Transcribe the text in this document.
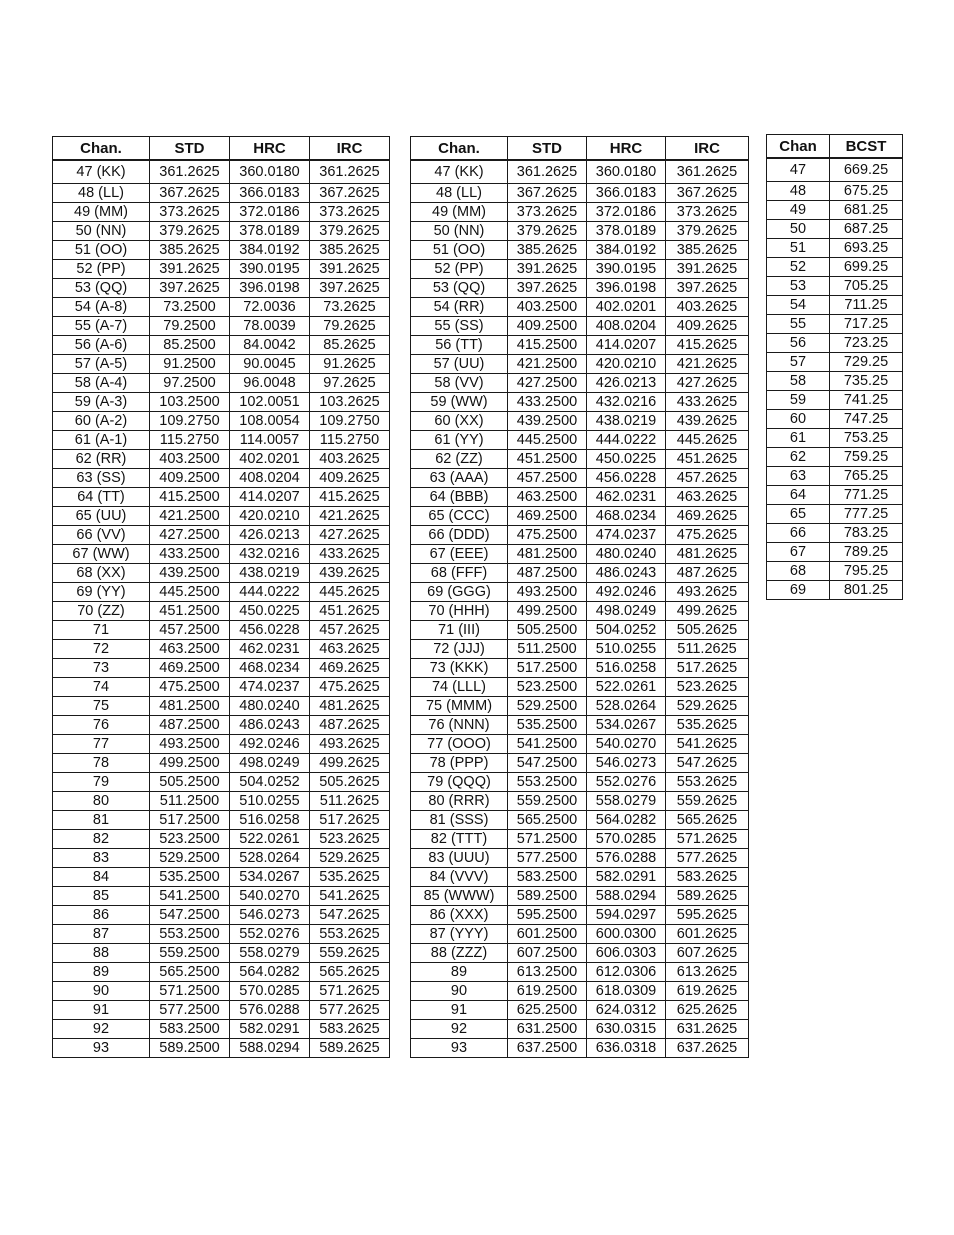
Chan.	STD	HRC	IRC
47 (KK)	361.2625	360.0180	361.2625
48 (LL)	367.2625	366.0183	367.2625
49 (MM)	373.2625	372.0186	373.2625
50 (NN)	379.2625	378.0189	379.2625
51 (OO)	385.2625	384.0192	385.2625
52 (PP)	391.2625	390.0195	391.2625
53 (QQ)	397.2625	396.0198	397.2625
54 (A-8)	73.2500	72.0036	73.2625
55 (A-7)	79.2500	78.0039	79.2625
56 (A-6)	85.2500	84.0042	85.2625
57 (A-5)	91.2500	90.0045	91.2625
58 (A-4)	97.2500	96.0048	97.2625
59 (A-3)	103.2500	102.0051	103.2625
60 (A-2)	109.2750	108.0054	109.2750
61 (A-1)	115.2750	114.0057	115.2750
62 (RR)	403.2500	402.0201	403.2625
63 (SS)	409.2500	408.0204	409.2625
64 (TT)	415.2500	414.0207	415.2625
65 (UU)	421.2500	420.0210	421.2625
66 (VV)	427.2500	426.0213	427.2625
67 (WW)	433.2500	432.0216	433.2625
68 (XX)	439.2500	438.0219	439.2625
69 (YY)	445.2500	444.0222	445.2625
70 (ZZ)	451.2500	450.0225	451.2625
71	457.2500	456.0228	457.2625
72	463.2500	462.0231	463.2625
73	469.2500	468.0234	469.2625
74	475.2500	474.0237	475.2625
75	481.2500	480.0240	481.2625
76	487.2500	486.0243	487.2625
77	493.2500	492.0246	493.2625
78	499.2500	498.0249	499.2625
79	505.2500	504.0252	505.2625
80	511.2500	510.0255	511.2625
81	517.2500	516.0258	517.2625
82	523.2500	522.0261	523.2625
83	529.2500	528.0264	529.2625
84	535.2500	534.0267	535.2625
85	541.2500	540.0270	541.2625
86	547.2500	546.0273	547.2625
87	553.2500	552.0276	553.2625
88	559.2500	558.0279	559.2625
89	565.2500	564.0282	565.2625
90	571.2500	570.0285	571.2625
91	577.2500	576.0288	577.2625
92	583.2500	582.0291	583.2625
93	589.2500	588.0294	589.2625
Chan.	STD	HRC	IRC
47 (KK)	361.2625	360.0180	361.2625
48 (LL)	367.2625	366.0183	367.2625
49 (MM)	373.2625	372.0186	373.2625
50 (NN)	379.2625	378.0189	379.2625
51 (OO)	385.2625	384.0192	385.2625
52 (PP)	391.2625	390.0195	391.2625
53 (QQ)	397.2625	396.0198	397.2625
54 (RR)	403.2500	402.0201	403.2625
55 (SS)	409.2500	408.0204	409.2625
56 (TT)	415.2500	414.0207	415.2625
57 (UU)	421.2500	420.0210	421.2625
58 (VV)	427.2500	426.0213	427.2625
59 (WW)	433.2500	432.0216	433.2625
60 (XX)	439.2500	438.0219	439.2625
61 (YY)	445.2500	444.0222	445.2625
62 (ZZ)	451.2500	450.0225	451.2625
63 (AAA)	457.2500	456.0228	457.2625
64 (BBB)	463.2500	462.0231	463.2625
65 (CCC)	469.2500	468.0234	469.2625
66 (DDD)	475.2500	474.0237	475.2625
67 (EEE)	481.2500	480.0240	481.2625
68 (FFF)	487.2500	486.0243	487.2625
69 (GGG)	493.2500	492.0246	493.2625
70 (HHH)	499.2500	498.0249	499.2625
71 (III)	505.2500	504.0252	505.2625
72 (JJJ)	511.2500	510.0255	511.2625
73 (KKK)	517.2500	516.0258	517.2625
74 (LLL)	523.2500	522.0261	523.2625
75 (MMM)	529.2500	528.0264	529.2625
76 (NNN)	535.2500	534.0267	535.2625
77 (OOO)	541.2500	540.0270	541.2625
78 (PPP)	547.2500	546.0273	547.2625
79 (QQQ)	553.2500	552.0276	553.2625
80 (RRR)	559.2500	558.0279	559.2625
81 (SSS)	565.2500	564.0282	565.2625
82 (TTT)	571.2500	570.0285	571.2625
83 (UUU)	577.2500	576.0288	577.2625
84 (VVV)	583.2500	582.0291	583.2625
85 (WWW)	589.2500	588.0294	589.2625
86 (XXX)	595.2500	594.0297	595.2625
87 (YYY)	601.2500	600.0300	601.2625
88 (ZZZ)	607.2500	606.0303	607.2625
89	613.2500	612.0306	613.2625
90	619.2500	618.0309	619.2625
91	625.2500	624.0312	625.2625
92	631.2500	630.0315	631.2625
93	637.2500	636.0318	637.2625
Chan	BCST
47	669.25
48	675.25
49	681.25
50	687.25
51	693.25
52	699.25
53	705.25
54	711.25
55	717.25
56	723.25
57	729.25
58	735.25
59	741.25
60	747.25
61	753.25
62	759.25
63	765.25
64	771.25
65	777.25
66	783.25
67	789.25
68	795.25
69	801.25
